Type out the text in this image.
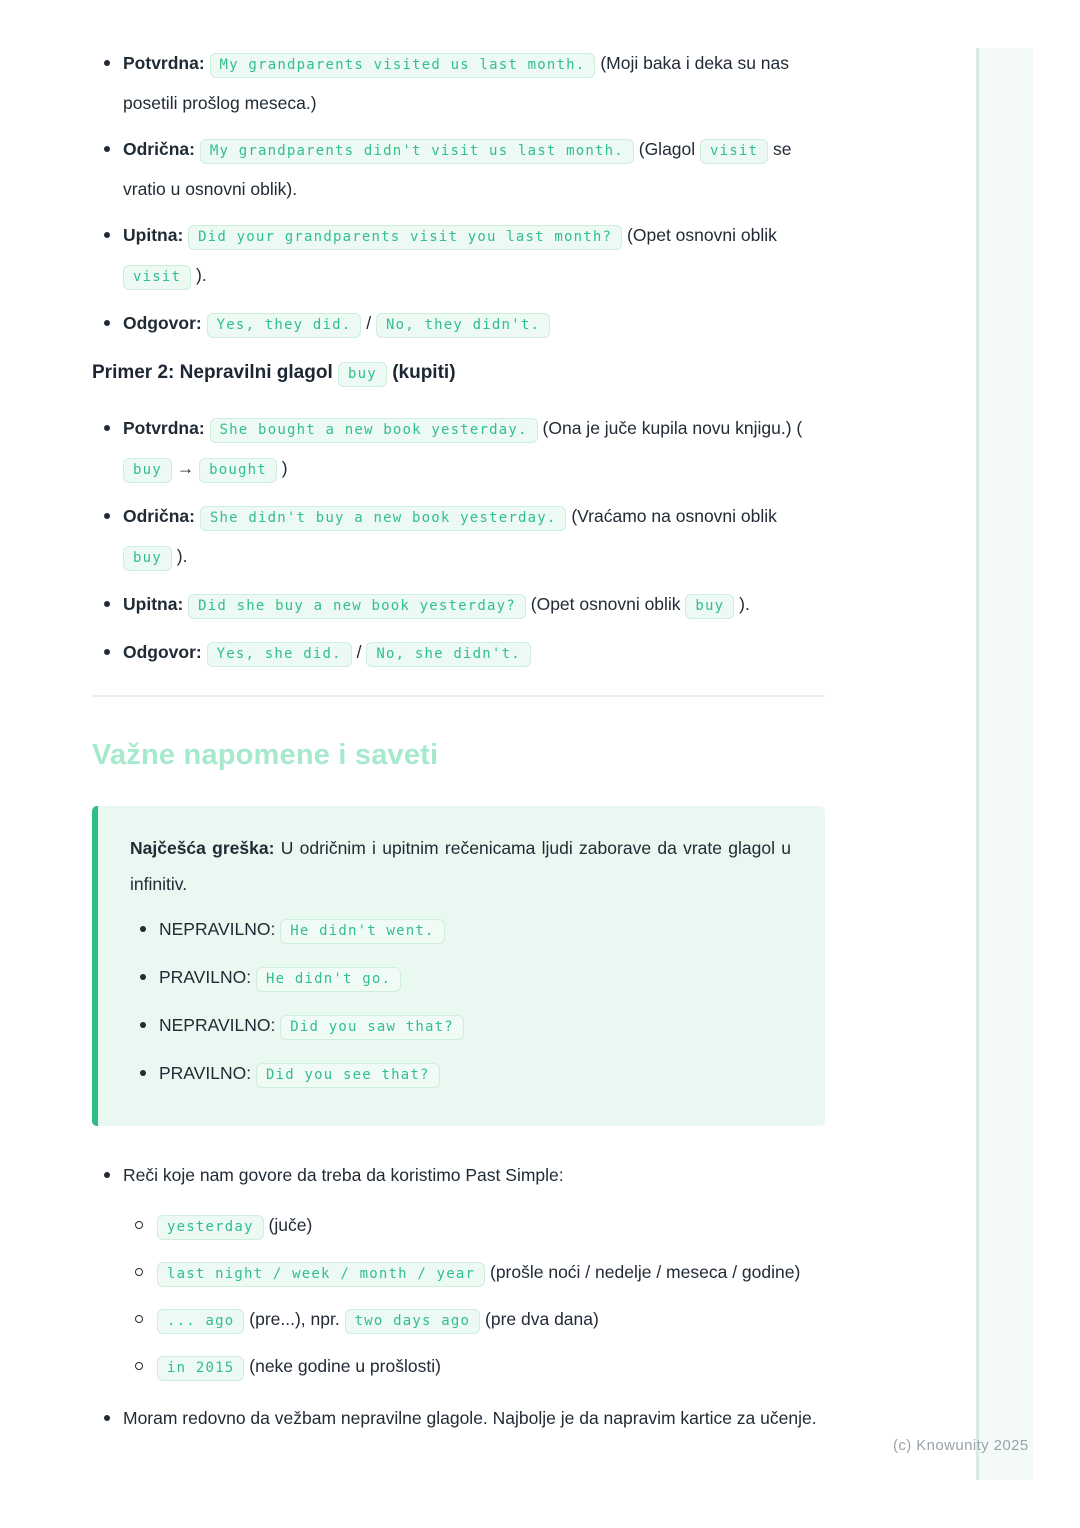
(c) Knowunity 2025
Potvrdna: My grandparents visited us last month. (Moji baka i deka su nas posetili prošlog meseca.)
Odrična: My grandparents didn't visit us last month. (Glagol visit se vratio u osnovni oblik).
Upitna: Did your grandparents visit you last month? (Opet osnovni oblik visit ).
Odgovor: Yes, they did. / No, they didn't.
Primer 2: Nepravilni glagol buy (kupiti)
Potvrdna: She bought a new book yesterday. (Ona je juče kupila novu knjigu.) ( buy → bought )
Odrična: She didn't buy a new book yesterday. (Vraćamo na osnovni oblik buy ).
Upitna: Did she buy a new book yesterday? (Opet osnovni oblik buy ).
Odgovor: Yes, she did. / No, she didn't.
Važne napomene i saveti

Najčešća greška: U odričnim i upitnim rečenicama ljudi zaborave da vrate glagol u infinitiv.

NEPRAVILNO: He didn't went.
PRAVILNO: He didn't go.
NEPRAVILNO: Did you saw that?
PRAVILNO: Did you see that?
Reči koje nam govore da treba da koristimo Past Simple:
yesterday (juče)
last night / week / month / year (prošle noći / nedelje / meseca / godine)
... ago (pre...), npr. two days ago (pre dva dana)
in 2015 (neke godine u prošlosti)
Moram redovno da vežbam nepravilne glagole. Najbolje je da napravim kartice za učenje.
